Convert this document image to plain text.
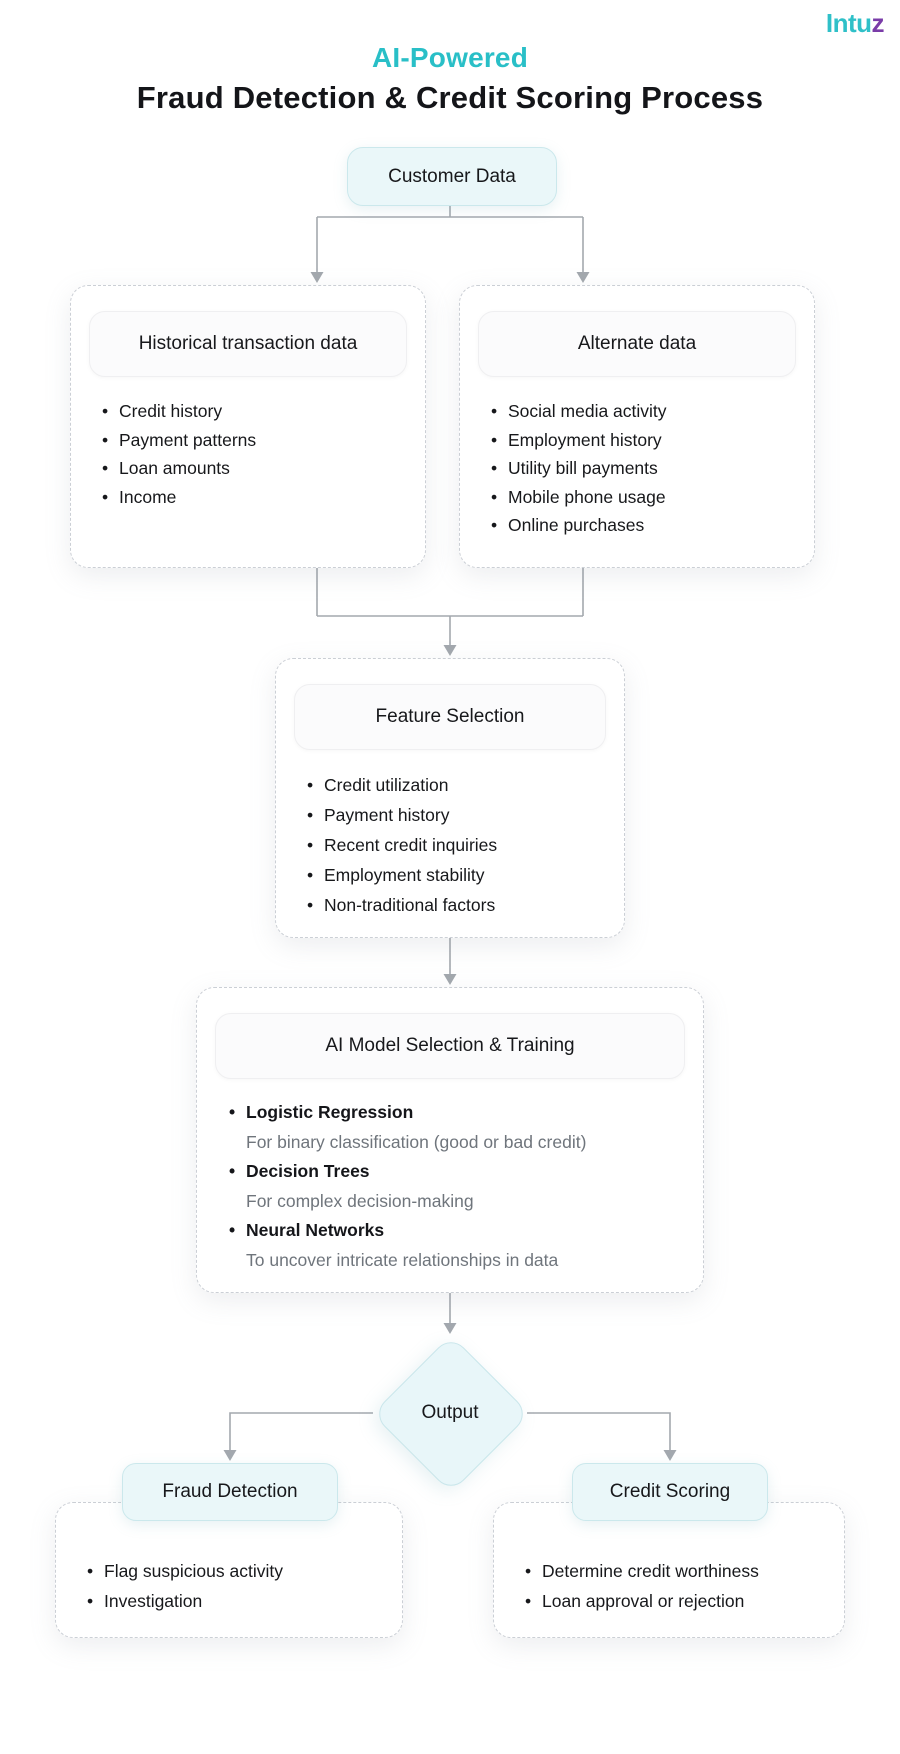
Intuz
AI-Powered
Fraud Detection & Credit Scoring Process
Customer Data
Historical transaction data
• Credit history
• Payment patterns
• Loan amounts
• Income
Alternate data
• Social media activity
• Employment history
• Utility bill payments
• Mobile phone usage
• Online purchases
Feature Selection
• Credit utilization
• Payment history
• Recent credit inquiries
• Employment stability
• Non-traditional factors
AI Model Selection & Training
• Logistic Regression
For binary classification (good or bad credit)
• Decision Trees
For complex decision-making
• Neural Networks
To uncover intricate relationships in data
Output
Fraud Detection
• Flag suspicious activity
• Investigation
Credit Scoring
• Determine credit worthiness
• Loan approval or rejection
